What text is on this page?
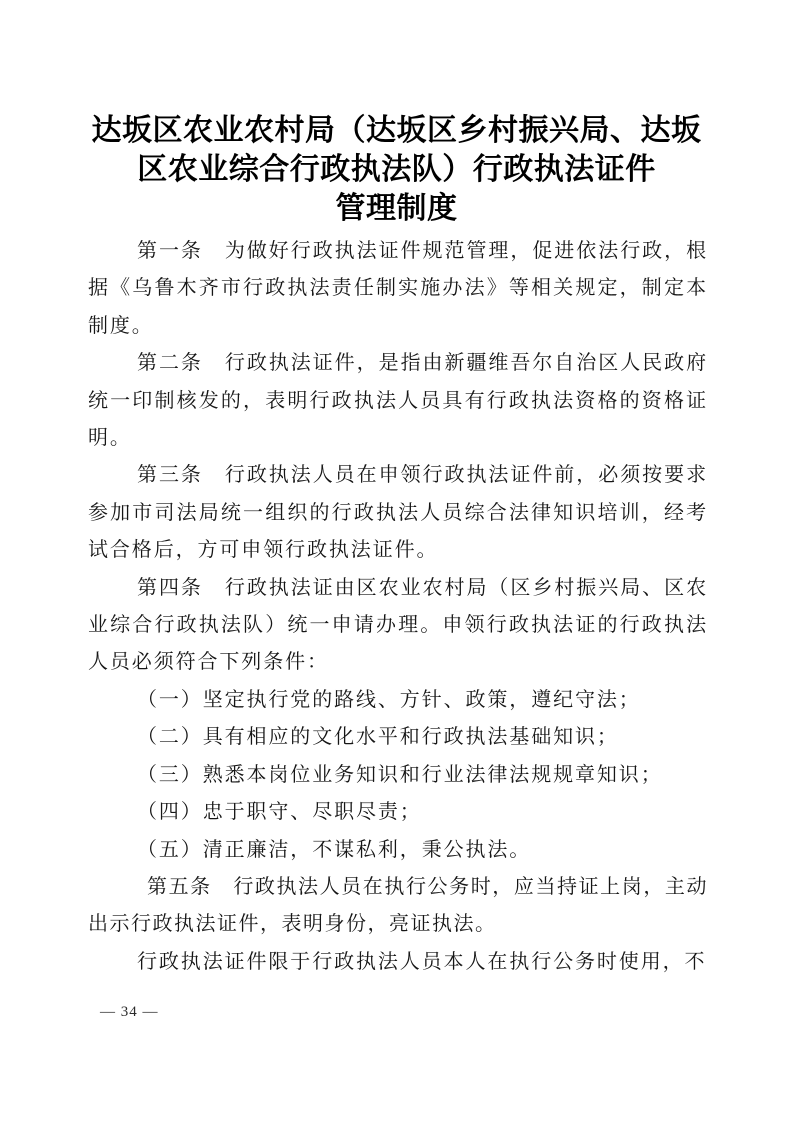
达坂区农业农村局（达坂区乡村振兴局、达坂
区农业综合行政执法队）行政执法证件
管理制度

第一条　为做好行政执法证件规范管理，促进依法行政，根据《乌鲁木齐市行政执法责任制实施办法》等相关规定，制定本制度。

第二条　行政执法证件，是指由新疆维吾尔自治区人民政府统一印制核发的，表明行政执法人员具有行政执法资格的资格证明。

第三条　行政执法人员在申领行政执法证件前，必须按要求参加市司法局统一组织的行政执法人员综合法律知识培训，经考试合格后，方可申领行政执法证件。

第四条　行政执法证由区农业农村局（区乡村振兴局、区农业综合行政执法队）统一申请办理。申领行政执法证的行政执法人员必须符合下列条件：

（一）坚定执行党的路线、方针、政策，遵纪守法；

（二）具有相应的文化水平和行政执法基础知识；

（三）熟悉本岗位业务知识和行业法律法规规章知识；

（四）忠于职守、尽职尽责；

（五）清正廉洁，不谋私利，秉公执法。

第五条　行政执法人员在执行公务时，应当持证上岗，主动出示行政执法证件，表明身份，亮证执法。

行政执法证件限于行政执法人员本人在执行公务时使用，不

— 34 —
